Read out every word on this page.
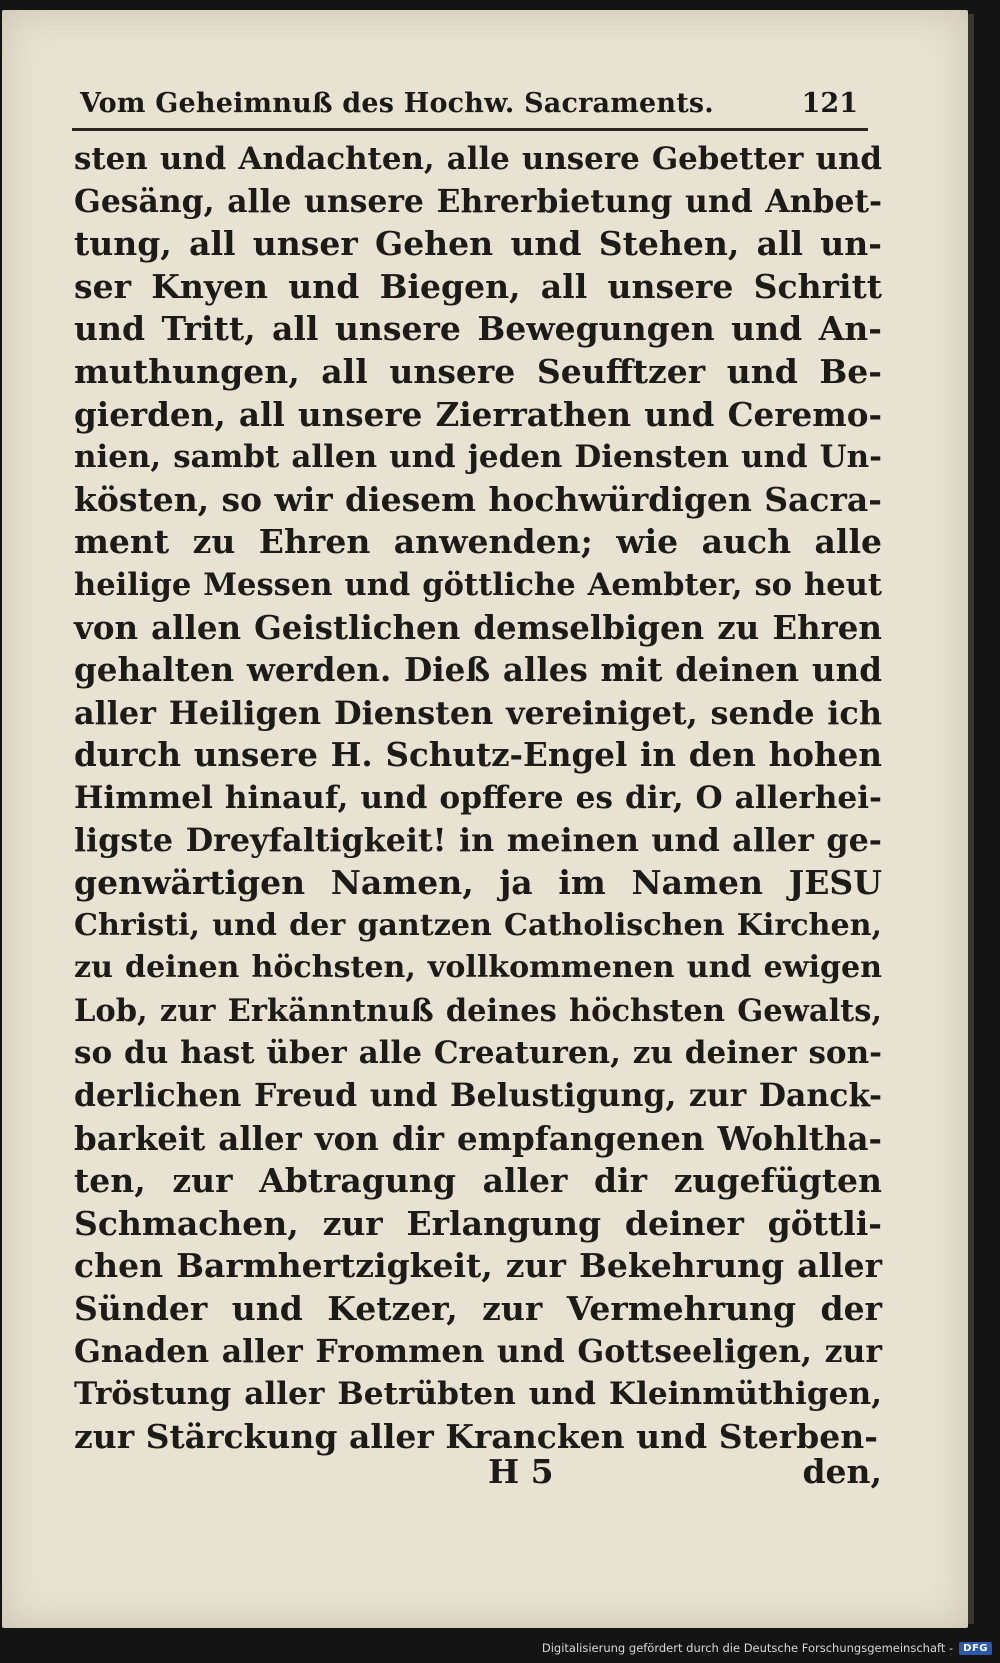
Vom Geheimnuß des Hochw. Sacraments.	121
sten und Andachten, alle unsere Gebetter und
Gesäng, alle unsere Ehrerbietung und Anbet-
tung, all unser Gehen und Stehen, all un-
ser Knyen und Biegen, all unsere Schritt
und Tritt, all unsere Bewegungen und An-
muthungen, all unsere Seufftzer und Be-
gierden, all unsere Zierrathen und Ceremo-
nien, sambt allen und jeden Diensten und Un-
kösten, so wir diesem hochwürdigen Sacra-
ment zu Ehren anwenden; wie auch alle
heilige Messen und göttliche Aembter, so heut
von allen Geistlichen demselbigen zu Ehren
gehalten werden. Dieß alles mit deinen und
aller Heiligen Diensten vereiniget, sende ich
durch unsere H. Schutz-Engel in den hohen
Himmel hinauf, und opffere es dir, O allerhei-
ligste Dreyfaltigkeit! in meinen und aller ge-
genwärtigen Namen, ja im Namen JESU
Christi, und der gantzen Catholischen Kirchen,
zu deinen höchsten, vollkommenen und ewigen
Lob, zur Erkänntnuß deines höchsten Gewalts,
so du hast über alle Creaturen, zu deiner son-
derlichen Freud und Belustigung, zur Danck-
barkeit aller von dir empfangenen Wohltha-
ten, zur Abtragung aller dir zugefügten
Schmachen, zur Erlangung deiner göttli-
chen Barmhertzigkeit, zur Bekehrung aller
Sünder und Ketzer, zur Vermehrung der
Gnaden aller Frommen und Gottseeligen, zur
Tröstung aller Betrübten und Kleinmüthigen,
zur Stärckung aller Krancken und Sterben-
H 5	den,
Digitalisierung gefördert durch die Deutsche Forschungsgemeinschaft -	DFG
